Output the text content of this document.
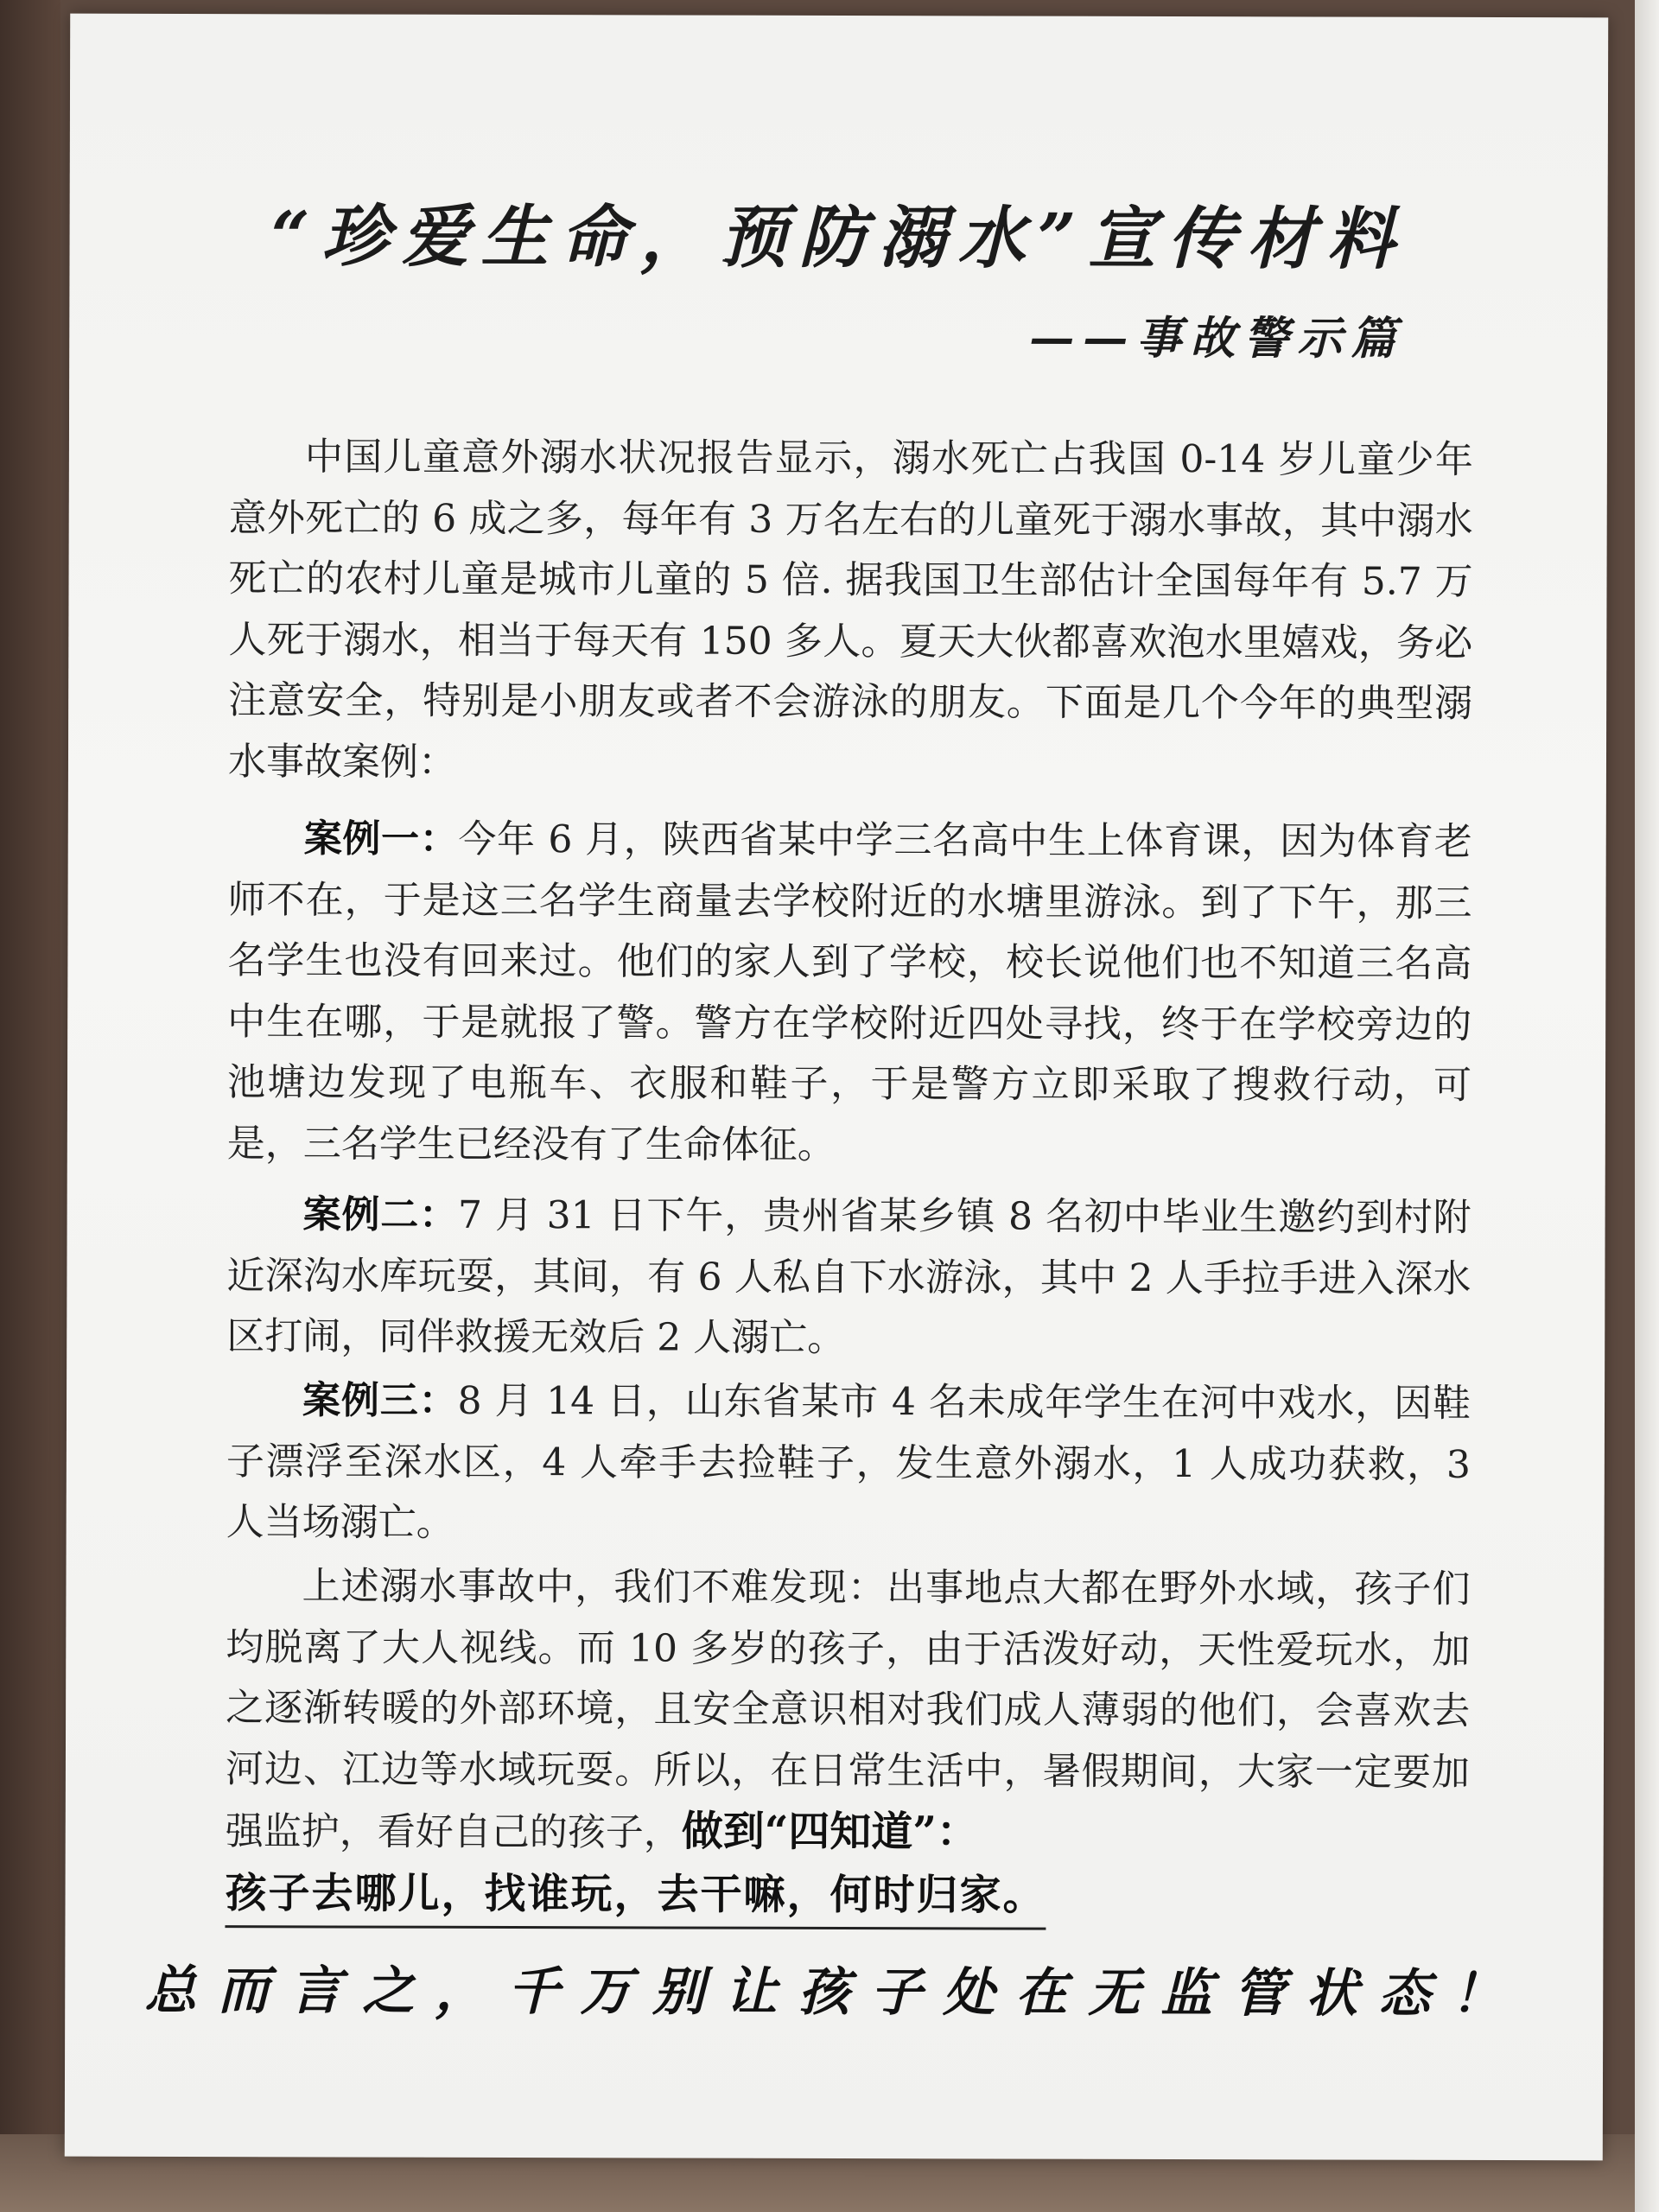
“珍爱生命，预防溺水”宣传材料
——事故警示篇
中国儿童意外溺水状况报告显示，溺水死亡占我国 0-14 岁儿童少年意外死亡的 6 成之多，每年有 3 万名左右的儿童死于溺水事故，其中溺水死亡的农村儿童是城市儿童的 5 倍. 据我国卫生部估计全国每年有 5.7 万人死于溺水，相当于每天有 150 多人。夏天大伙都喜欢泡水里嬉戏，务必注意安全，特别是小朋友或者不会游泳的朋友。下面是几个今年的典型溺水事故案例：
案例一：今年 6 月，陕西省某中学三名高中生上体育课，因为体育老师不在，于是这三名学生商量去学校附近的水塘里游泳。到了下午，那三名学生也没有回来过。他们的家人到了学校，校长说他们也不知道三名高中生在哪，于是就报了警。警方在学校附近四处寻找，终于在学校旁边的池塘边发现了电瓶车、衣服和鞋子，于是警方立即采取了搜救行动，可是，三名学生已经没有了生命体征。
案例二：7 月 31 日下午，贵州省某乡镇 8 名初中毕业生邀约到村附近深沟水库玩耍，其间，有 6 人私自下水游泳，其中 2 人手拉手进入深水区打闹，同伴救援无效后 2 人溺亡。
案例三：8 月 14 日，山东省某市 4 名未成年学生在河中戏水，因鞋子漂浮至深水区，4 人牵手去捡鞋子，发生意外溺水，1 人成功获救，3 人当场溺亡。
上述溺水事故中，我们不难发现：出事地点大都在野外水域，孩子们均脱离了大人视线。而 10 多岁的孩子，由于活泼好动，天性爱玩水，加之逐渐转暖的外部环境，且安全意识相对我们成人薄弱的他们，会喜欢去河边、江边等水域玩耍。所以，在日常生活中，暑假期间，大家一定要加强监护，看好自己的孩子，做到“四知道”：
孩子去哪儿，找谁玩，去干嘛，何时归家。
总而言之，千万别让孩子处在无监管状态！
